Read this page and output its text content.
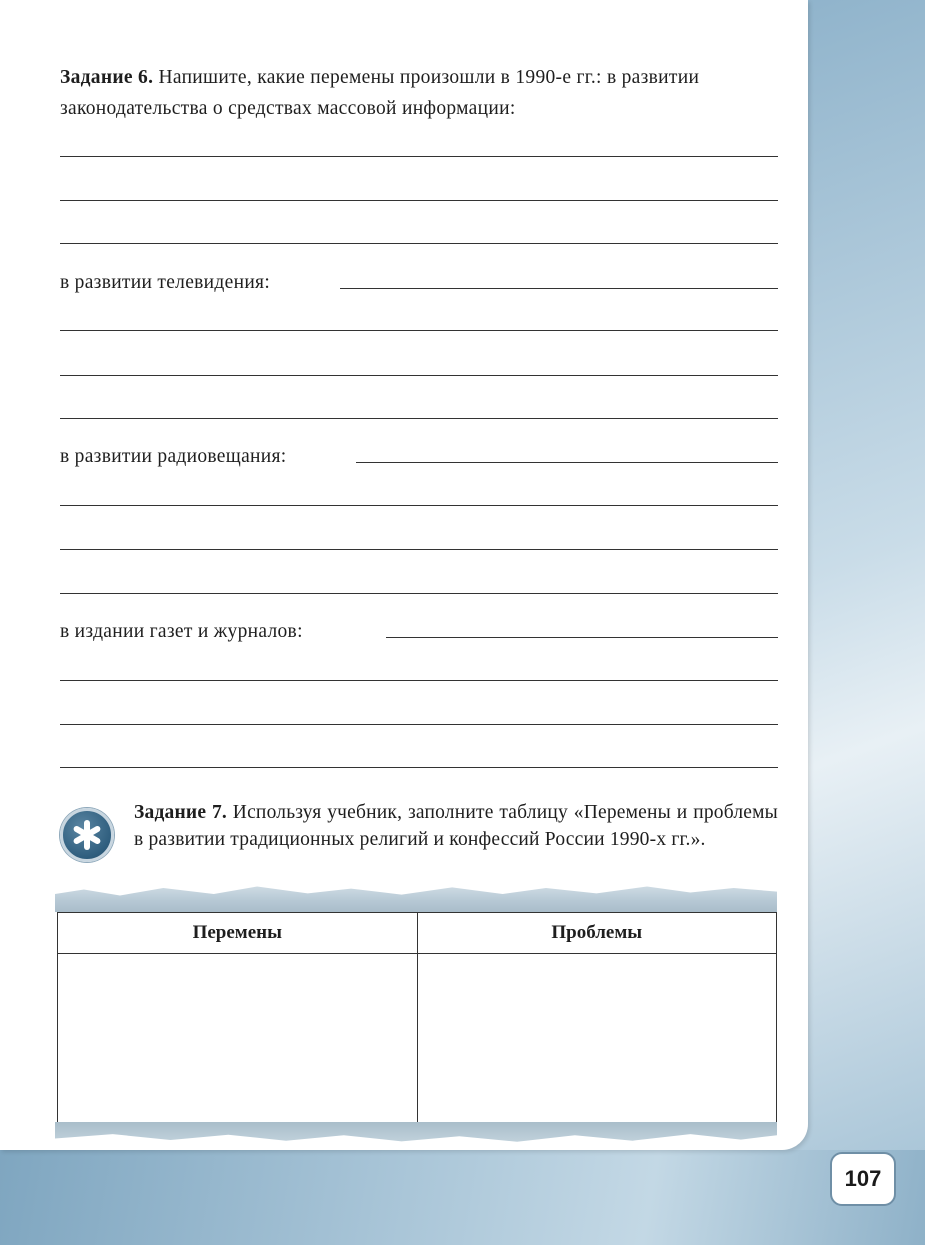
Задание 6. Напишите, какие перемены произошли в 1990-е гг.: в развитии законодательства о средствах массовой информации:
в развитии телевидения:
в развитии радиовещания:
в издании газет и журналов:
Задание 7. Используя учебник, заполните таблицу «Перемены и проблемы в развитии традиционных религий и конфессий России 1990-х гг.».
Перемены	Проблемы

107
